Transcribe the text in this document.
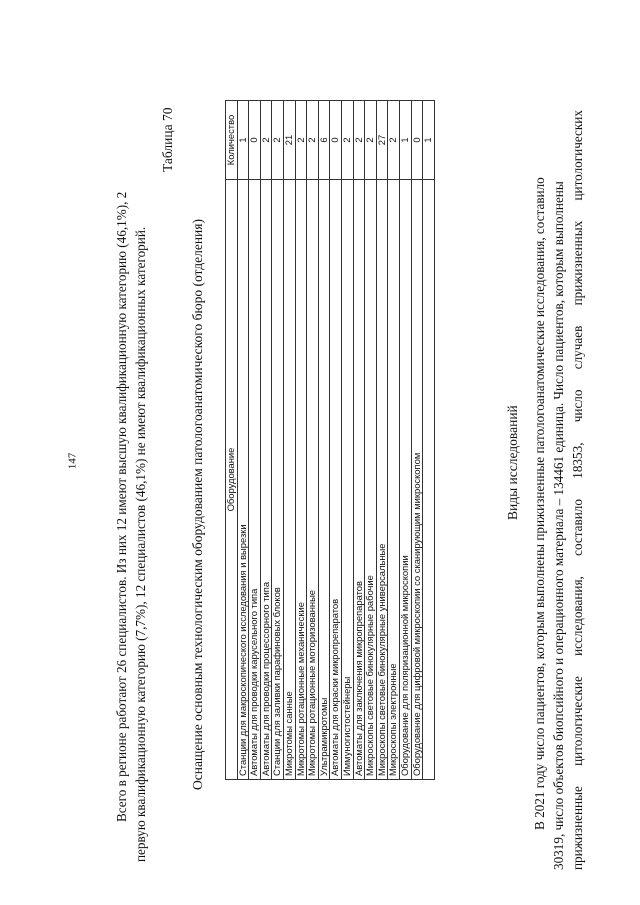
147	Всего в регионе работают 26 специалистов. Из них 12 имеют высшую квалификационную категорию (46,1%), 2 первую квалификационную категорию (7,7%), 12 специалистов (46,1%) не имеют квалификационных категорий.
Таблица 70
Оснащение основным технологическим оборудованием патологоанатомического бюро (отделения) Оборудование	Количество
Станции для макроскопического исследования и вырезки	1
Автоматы для проводки карусельного типа	0
Автоматы для проводки процессорного типа	2
Станции для заливки парафиновых блоков	2
Микротомы санные	21
Микротомы ротационные механические	2
Микротомы ротационные моторизованные	2
Ультрамикротомы	6
Автоматы для окраски микропрепаратов	0
Иммуногистостейнеры	2
Автоматы для заключения микропрепаратов	2
Микроскопы световые бинокулярные рабочие	2
Микроскопы световые бинокулярные универсальные	27
Микроскопы электронные	2
Оборудование для поляризационной микроскопии	1
Оборудование для цифровой микроскопии со сканирующим микроскопом	0
	1
Виды исследований В 2021 году число пациентов, которым выполнены прижизненные патологоанатомические исследования, составило 30319, число объектов биопсийного и операционного материала – 134461 единица. Число пациентов, которым выполнены прижизненные
цитологические
исследования,
составило
18353,
число
случаев
прижизненных
цитологических
